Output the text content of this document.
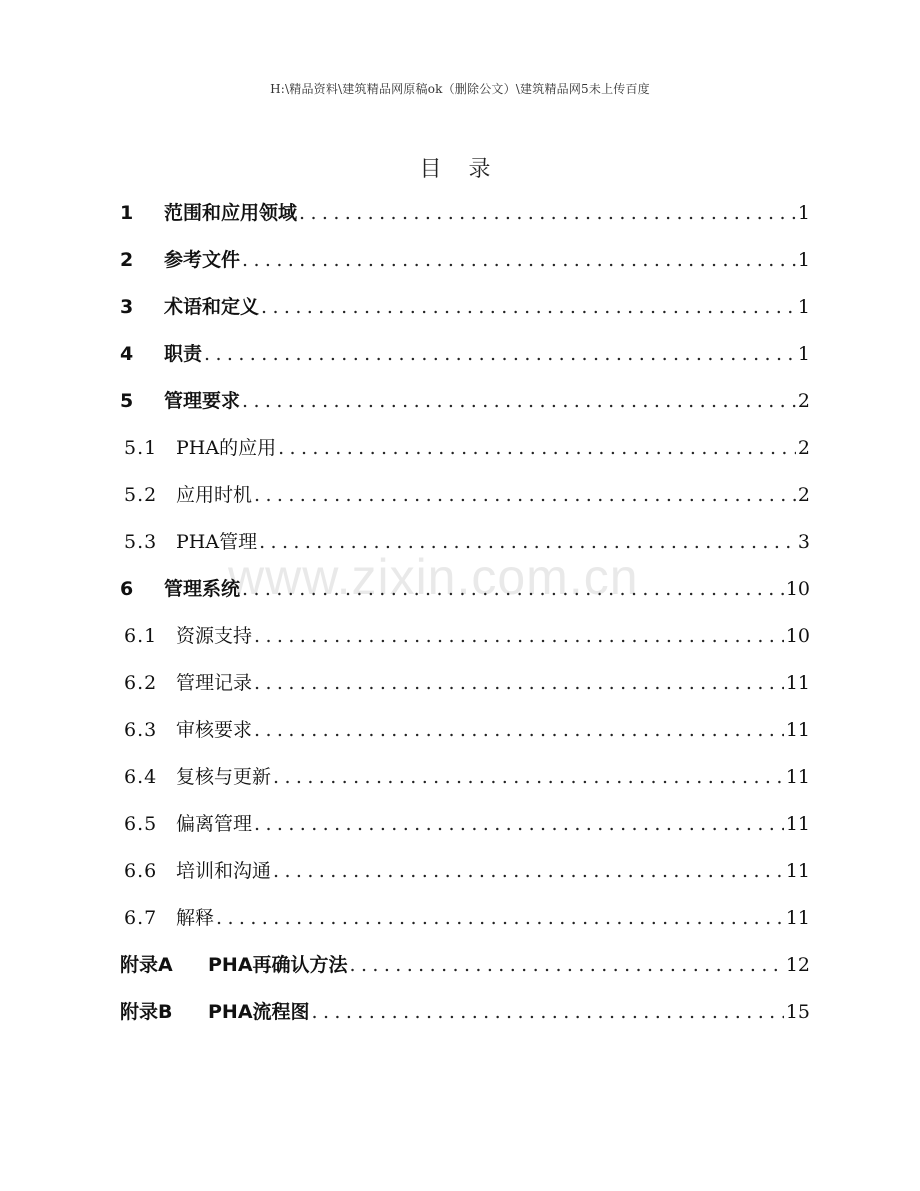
H:\精品资料\建筑精品网原稿ok（删除公文）\建筑精品网5未上传百度
目 录
www.zixin.com.cn
1	范围和应用领域 .....	1
2	参考文件 .....	1
3	术语和定义 .....	1
4	职责 .....	1
5	管理要求 .....	2
5.1 PHA的应用 .....	2
5.2 应用时机 .....	2
5.3 PHA管理 .....	3
6	管理系统 .....	10
6.1 资源支持 .....	10
6.2 管理记录 .....	11
6.3 审核要求 .....	11
6.4 复核与更新 .....	11
6.5 偏离管理 .....	11
6.6 培训和沟通 .....	11
6.7 解释 .....	11
附录A	PHA再确认方法 .....	12
附录B	PHA流程图 .....	15
